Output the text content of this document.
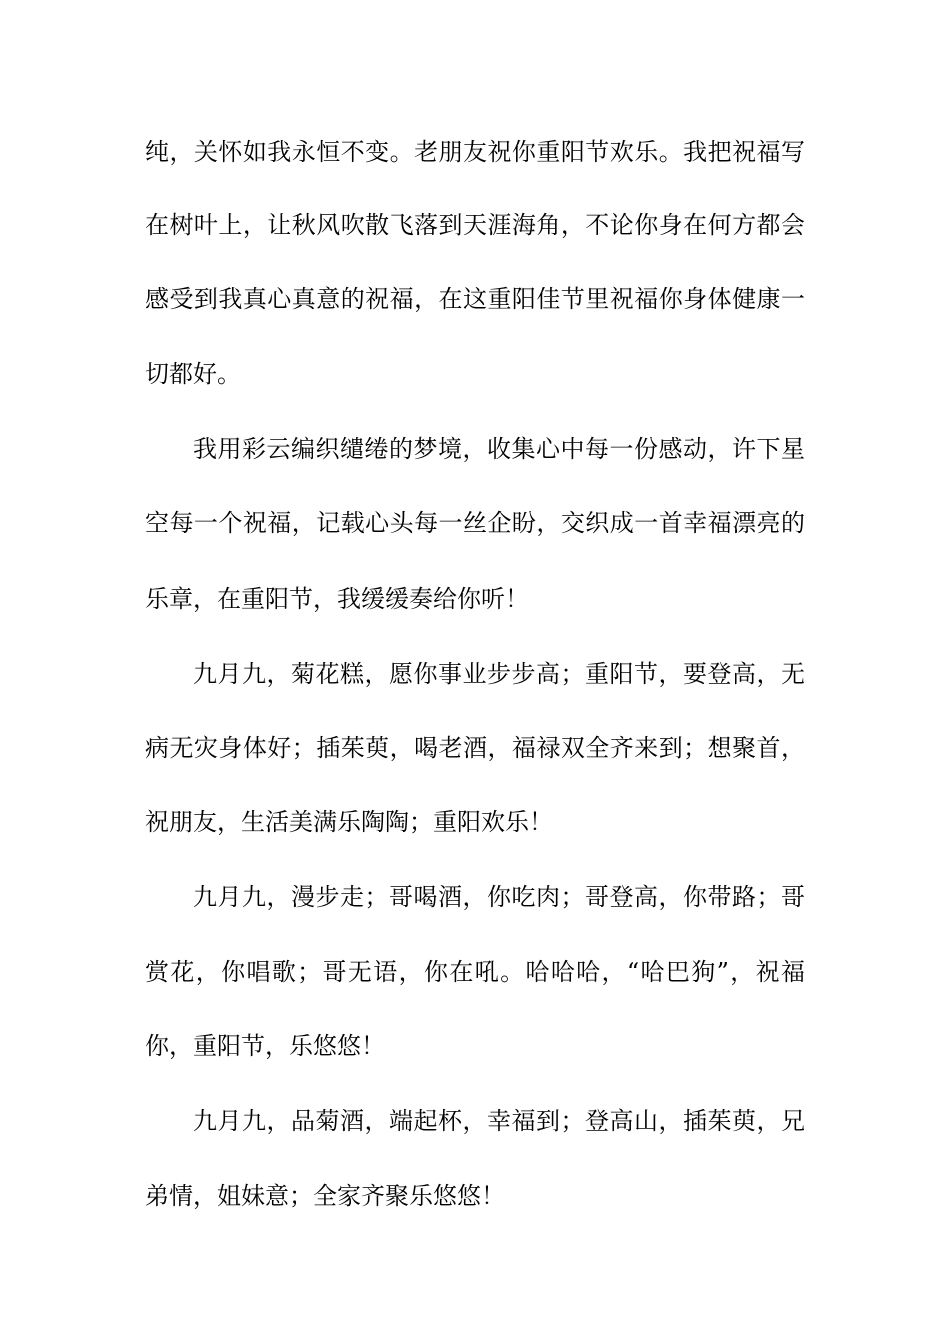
纯，关怀如我永恒不变。老朋友祝你重阳节欢乐。我把祝福写

在树叶上，让秋风吹散飞落到天涯海角，不论你身在何方都会

感受到我真心真意的祝福，在这重阳佳节里祝福你身体健康一

切都好。

我用彩云编织缱绻的梦境，收集心中每一份感动，许下星

空每一个祝福，记载心头每一丝企盼，交织成一首幸福漂亮的

乐章，在重阳节，我缓缓奏给你听！

九月九，菊花糕，愿你事业步步高；重阳节，要登高，无

病无灾身体好；插茱萸，喝老酒，福禄双全齐来到；想聚首，

祝朋友，生活美满乐陶陶；重阳欢乐！

九月九，漫步走；哥喝酒，你吃肉；哥登高，你带路；哥

赏花，你唱歌；哥无语，你在吼。哈哈哈，“哈巴狗”，祝福

你，重阳节，乐悠悠！

九月九，品菊酒，端起杯，幸福到；登高山，插茱萸，兄

弟情，姐妹意；全家齐聚乐悠悠！
